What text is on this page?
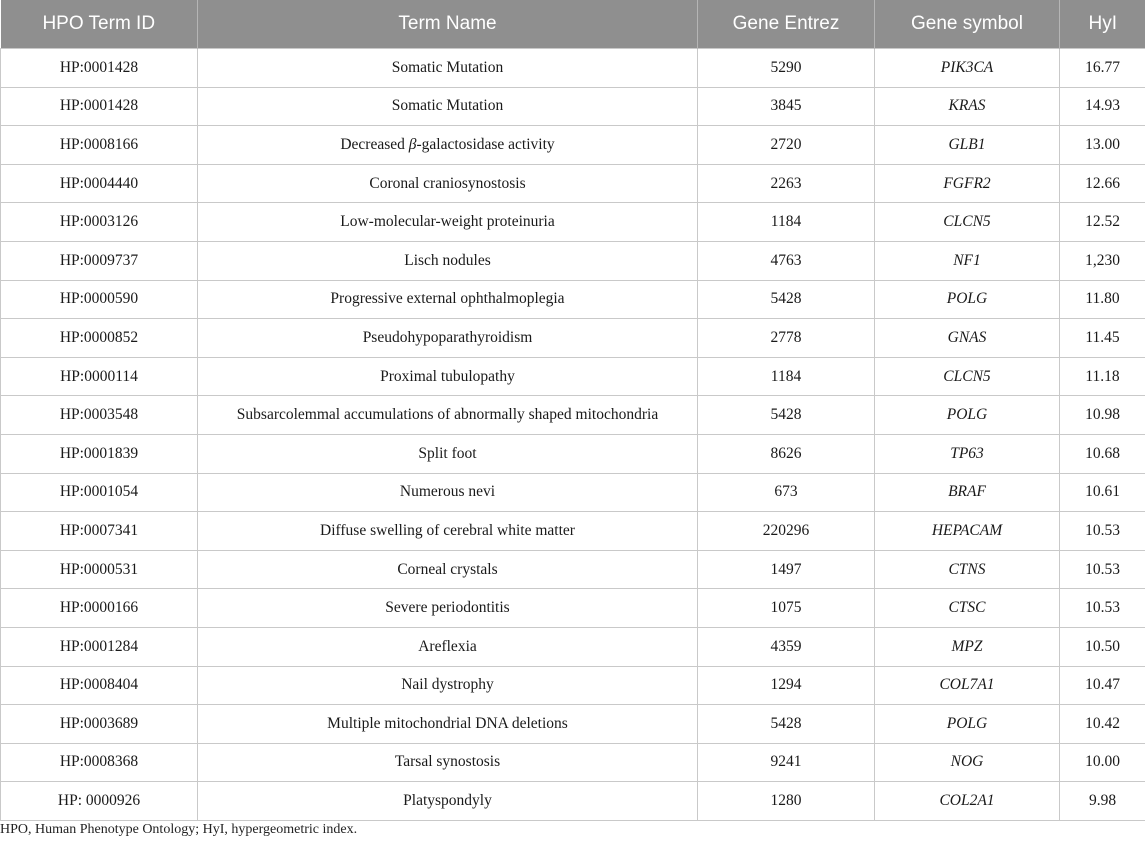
HPO Term ID	Term Name	Gene Entrez	Gene symbol	HyI
HP:0001428	Somatic Mutation	5290	PIK3CA	16.77
HP:0001428	Somatic Mutation	3845	KRAS	14.93
HP:0008166	Decreased β-galactosidase activity	2720	GLB1	13.00
HP:0004440	Coronal craniosynostosis	2263	FGFR2	12.66
HP:0003126	Low-molecular-weight proteinuria	1184	CLCN5	12.52
HP:0009737	Lisch nodules	4763	NF1	1,230
HP:0000590	Progressive external ophthalmoplegia	5428	POLG	11.80
HP:0000852	Pseudohypoparathyroidism	2778	GNAS	11.45
HP:0000114	Proximal tubulopathy	1184	CLCN5	11.18
HP:0003548	Subsarcolemmal accumulations of abnormally shaped mitochondria	5428	POLG	10.98
HP:0001839	Split foot	8626	TP63	10.68
HP:0001054	Numerous nevi	673	BRAF	10.61
HP:0007341	Diffuse swelling of cerebral white matter	220296	HEPACAM	10.53
HP:0000531	Corneal crystals	1497	CTNS	10.53
HP:0000166	Severe periodontitis	1075	CTSC	10.53
HP:0001284	Areflexia	4359	MPZ	10.50
HP:0008404	Nail dystrophy	1294	COL7A1	10.47
HP:0003689	Multiple mitochondrial DNA deletions	5428	POLG	10.42
HP:0008368	Tarsal synostosis	9241	NOG	10.00
HP: 0000926	Platyspondyly	1280	COL2A1	9.98
HPO, Human Phenotype Ontology; HyI, hypergeometric index.
